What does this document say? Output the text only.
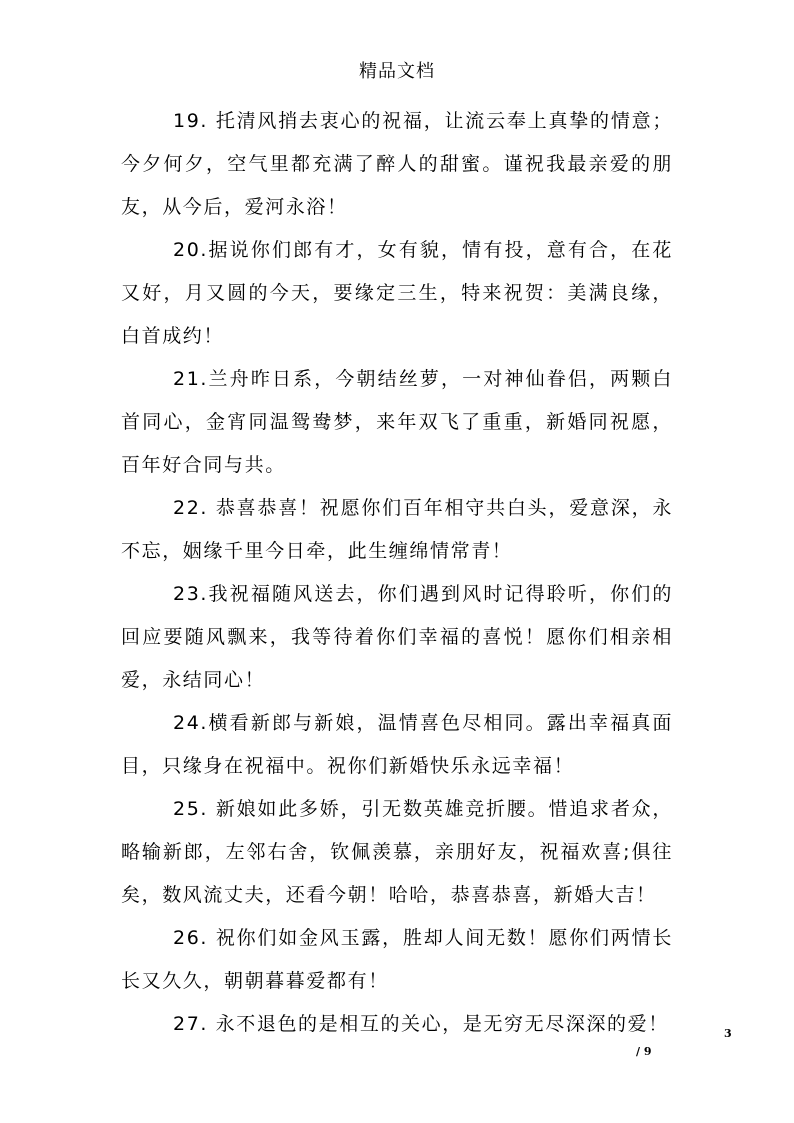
精品文档

19. 托清风捎去衷心的祝福，让流云奉上真挚的情意；今夕何夕，空气里都充满了醉人的甜蜜。谨祝我最亲爱的朋友，从今后，爱河永浴！

20.据说你们郎有才，女有貌，情有投，意有合，在花又好，月又圆的今天，要缘定三生，特来祝贺：美满良缘，白首成约！

21.兰舟昨日系，今朝结丝萝，一对神仙眷侣，两颗白首同心，金宵同温鸳鸯梦，来年双飞了重重，新婚同祝愿，百年好合同与共。

22. 恭喜恭喜！祝愿你们百年相守共白头，爱意深，永不忘，姻缘千里今日牵，此生缠绵情常青！

23.我祝福随风送去，你们遇到风时记得聆听，你们的回应要随风飘来，我等待着你们幸福的喜悦！愿你们相亲相爱，永结同心！

24.横看新郎与新娘，温情喜色尽相同。露出幸福真面目，只缘身在祝福中。祝你们新婚快乐永远幸福！

25. 新娘如此多娇，引无数英雄竞折腰。惜追求者众，略输新郎，左邻右舍，钦佩羡慕，亲朋好友，祝福欢喜;俱往矣，数风流丈夫，还看今朝！哈哈，恭喜恭喜，新婚大吉！

26. 祝你们如金风玉露，胜却人间无数！愿你们两情长长又久久，朝朝暮暮爱都有！

27. 永不退色的是相互的关心，是无穷无尽深深的爱！	3
/ 9
